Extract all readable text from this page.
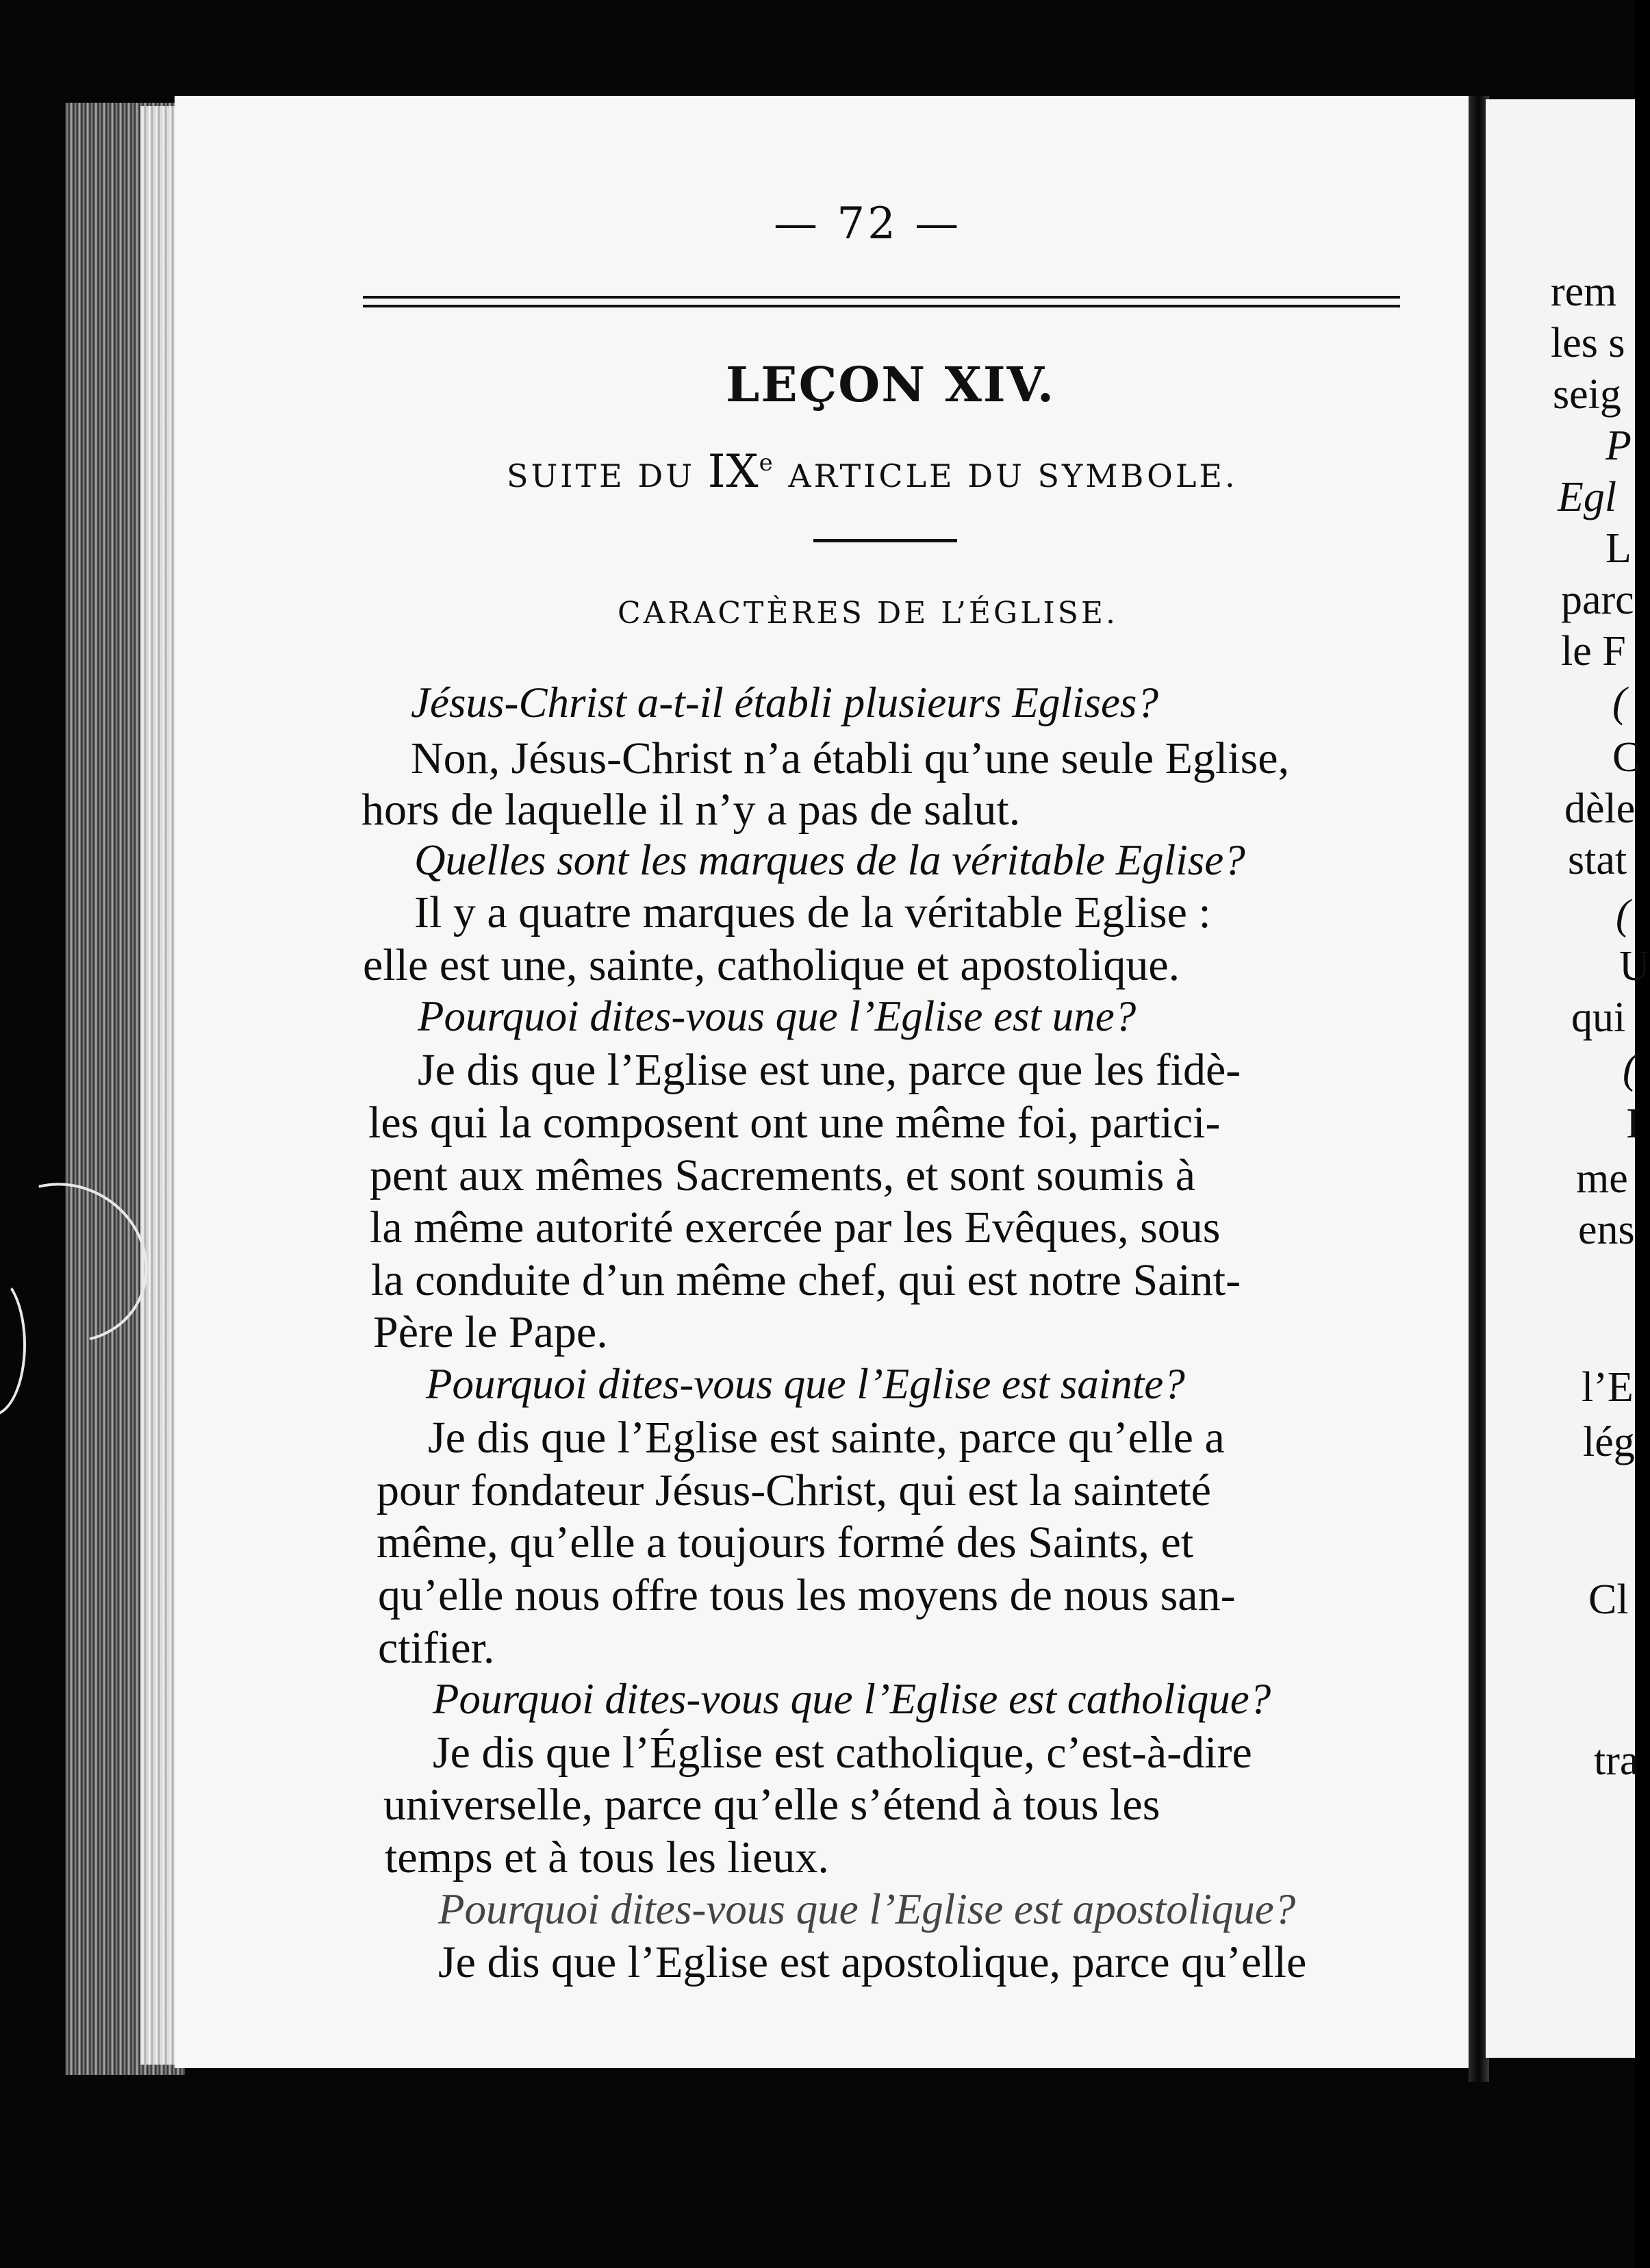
— 72 —
LEÇON XIV.
SUITE DU IXe ARTICLE DU SYMBOLE.
CARACTÈRES DE L’ÉGLISE.
Jésus-Christ a-t-il établi plusieurs Eglises?
Non, Jésus-Christ n’a établi qu’une seule Eglise,
hors de laquelle il n’y a pas de salut.
Quelles sont les marques de la véritable Eglise?
Il y a quatre marques de la véritable Eglise :
elle est une, sainte, catholique et apostolique.
Pourquoi dites-vous que l’Eglise est une?
Je dis que l’Eglise est une, parce que les fidè-
les qui la composent ont une même foi, partici-
pent aux mêmes Sacrements, et sont soumis à
la même autorité exercée par les Evêques, sous
la conduite d’un même chef, qui est notre Saint-
Père le Pape.
Pourquoi dites-vous que l’Eglise est sainte?
Je dis que l’Eglise est sainte, parce qu’elle a
pour fondateur Jésus-Christ, qui est la sainteté
même, qu’elle a toujours formé des Saints, et
qu’elle nous offre tous les moyens de nous san-
ctifier.
Pourquoi dites-vous que l’Eglise est catholique?
Je dis que l’Église est catholique, c’est-à-dire
universelle, parce qu’elle s’étend à tous les
temps et à tous les lieux.
Pourquoi dites-vous que l’Eglise est apostolique?
Je dis que l’Eglise est apostolique, parce qu’elle
rem
les s
seig
P
Egl
L
parc
le F
(
C
dèle
stat
(
U
qui
(
I
me
ens
l’E
lég
Cl
tra
